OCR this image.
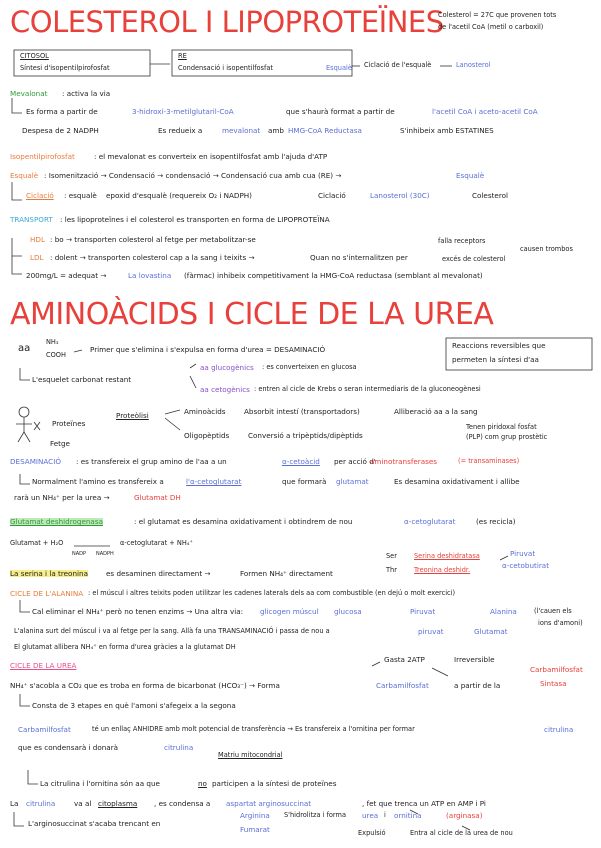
COLESTEROL I LIPOPROTEÏNES
Colesterol = 27C que provenen tots
de l'acetil CoA (metil o carboxil)
CITOSOL
Síntesi d'isopentilpirofosfat
RE
Condensació i isopentilfosfat	Esqualè Ciclació de l'esqualè	Lanosterol
Mevalonat : activa la via
Es forma a partir de	3-hidroxi-3-metilglutaril-CoA	que s'haurà format a partir de	l'acetil CoA i aceto-acetil CoA
Despesa de 2 NADPH	Es redueix a	mevalonat amb HMG-CoA Reductasa	S'inhibeix amb ESTATINES
Isopentilpirofosfat	: el mevalonat es converteix en isopentilfosfat amb l'ajuda d'ATP
Esqualè : Isomenització → Condensació → condensació → Condensació cua amb cua (RE) →	Esqualè
Ciclació : esqualè epoxid d'esqualè (requereix O₂ i NADPH)	Ciclació	Lanosterol (30C)	Colesterol
TRANSPORT : les lipoproteïnes i el colesterol es transporten en forma de LIPOPROTEÏNA
HDL : bo → transporten colesterol al fetge per metabolitzar-se	falla receptors
causen trombos
LDL : dolent → transporten colesterol cap a la sang i teixits →	Quan no s'internalitzen per	excés de colesterol
200mg/L = adequat →	La lovastina (fàrmac) inhibeix competitivament la HMG-CoA reductasa (semblant al mevalonat)
AMINOÀCIDS I CICLE DE LA UREA
aa
NH₃
COOH
Primer que s'elimina i s'expulsa en forma d'urea = DESAMINACIÓ	Reaccions reversibles que
permeten la síntesi d'aa
L'esquelet carbonat restant
aa glucogènics : es converteixen en glucosa
aa cetogènics : entren al cicle de Krebs o seran intermediaris de la gluconeogènesi
Proteïnes
Proteòlisi	Aminoàcids	Absorbit intestí (transportadors)	Alliberació aa a la sang
Oligopèptids	Conversió a tripèptids/dipèptids
Tenen piridoxal fosfat
(PLP) com grup prostètic
Fetge
DESAMINACIÓ : es transfereix el grup amino de l'aa a un	α-cetoàcid per acció d'
aminotransferases	(= transaminases)
Normalment l'amino es transfereix a	l'α-cetoglutarat	que formarà glutamat	Es desamina oxidativament i allibe
rarà un NH₄⁺ per la urea →	Glutamat DH
Glutamat deshidrogenasa	: el glutamat es desamina oxidativament i obtindrem de nou	α-cetoglutarat	(es recicla)
Glutamat + H₂O
NADP NADPH
α-cetoglutarat + NH₄⁺
La serina i la treonina	es desaminen directament →	Formen NH₄⁺ directament
Ser
Thr
Serina deshidratasa
Treonina deshidr.
Piruvat
α-cetobutirat
CICLE DE L'ALANINA : el múscul i altres teixits poden utilitzar les cadenes laterals dels aa com combustible (en dejú o molt exercici)
Cal eliminar el NH₄⁺ però no tenen enzims → Una altra via: glicogen múscul glucosa	Piruvat	Alanina	(l'cauen els
ions d'amoni)
L'alanina surt del múscul i va al fetge per la sang. Allà fa una TRANSAMINACIÓ i passa de nou a	piruvat	Glutamat
El glutamat allibera NH₄⁺ en forma d'urea gràcies a la glutamat DH
CICLE DE LA UREA
Gasta 2ATP	Irreversible
Carbamilfosfat
Sintasa
NH₄⁺ s'acobla a CO₂ que es troba en forma de bicarbonat (HCO₃⁻) → Forma	Carbamilfosfat	a partir de la
Consta de 3 etapes en què l'amoni s'afegeix a la segona
Carbamilfosfat	té un enllaç ANHIDRE amb molt potencial de transferència → Es transfereix a l'ornitina per formar	citrulina
que es condensarà i donarà	citrulina
Matriu mitocondrial
La citrulina i l'ornitina són aa que	no participen a la síntesi de proteïnes
La citrulina	va al citoplasma , es condensa a aspartat arginosuccinat	, fet que trenca un ATP en AMP i Pi
L'arginosuccinat s'acaba trencant en
Arginina
Fumarat
S'hidrolitza i forma urea i ornitina	(arginasa)
Expulsió	Entra al cicle de la urea de nou
